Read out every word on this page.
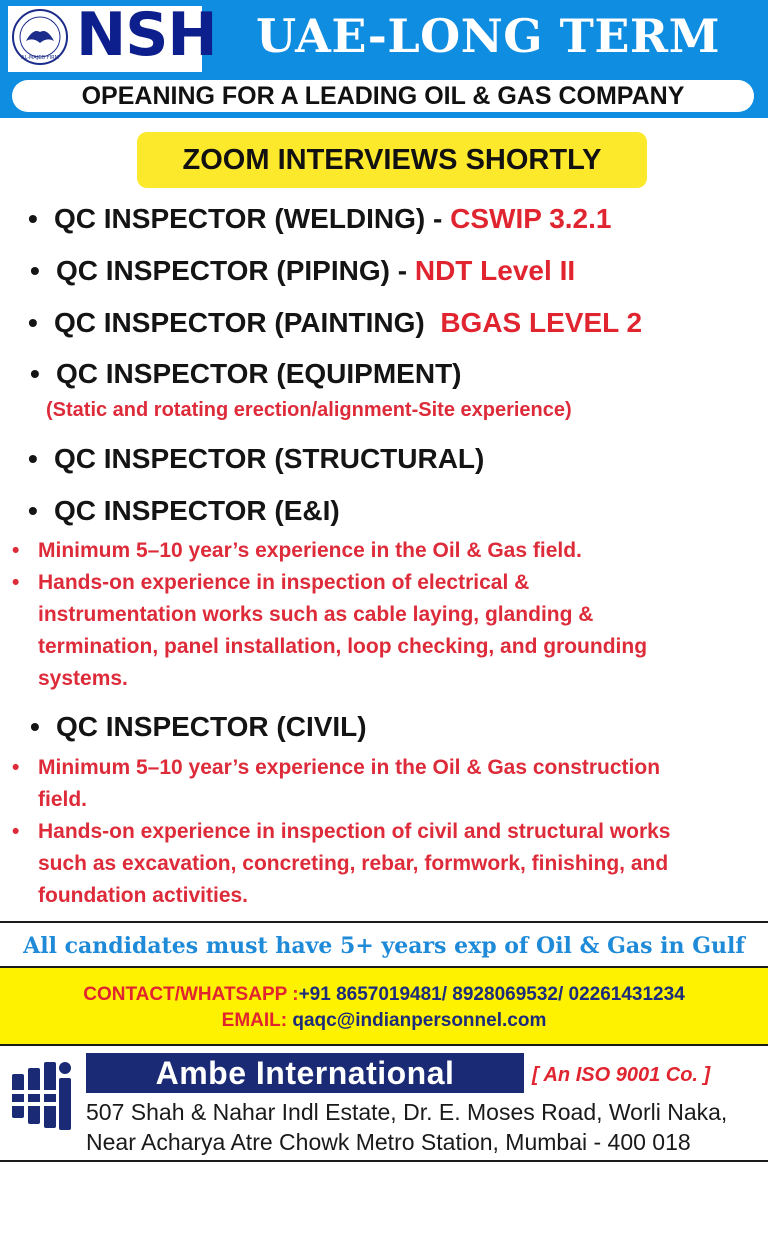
AL-MAJED FIRM NSH UAE-LONG TERM
OPEANING FOR A LEADING OIL & GAS COMPANY
ZOOM INTERVIEWS SHORTLY
• QC INSPECTOR (WELDING) - CSWIP 3.2.1
• QC INSPECTOR (PIPING) - NDT Level II
• QC INSPECTOR (PAINTING) BGAS LEVEL 2
• QC INSPECTOR (EQUIPMENT)
(Static and rotating erection/alignment-Site experience)
• QC INSPECTOR (STRUCTURAL)
• QC INSPECTOR (E&I)
• Minimum 5–10 year’s experience in the Oil & Gas field.
• Hands-on experience in inspection of electrical &
instrumentation works such as cable laying, glanding &
termination, panel installation, loop checking, and grounding
systems.
• QC INSPECTOR (CIVIL)
• Minimum 5–10 year’s experience in the Oil & Gas construction
field.
• Hands-on experience in inspection of civil and structural works
such as excavation, concreting, rebar, formwork, finishing, and
foundation activities.
All candidates must have 5+ years exp of Oil & Gas in Gulf
CONTACT/WHATSAPP :+91 8657019481/ 8928069532/ 02261431234
EMAIL: qaqc@indianpersonnel.com
Ambe International	[ An ISO 9001 Co. ]
507 Shah & Nahar Indl Estate, Dr. E. Moses Road, Worli Naka,
Near Acharya Atre Chowk Metro Station, Mumbai - 400 018
